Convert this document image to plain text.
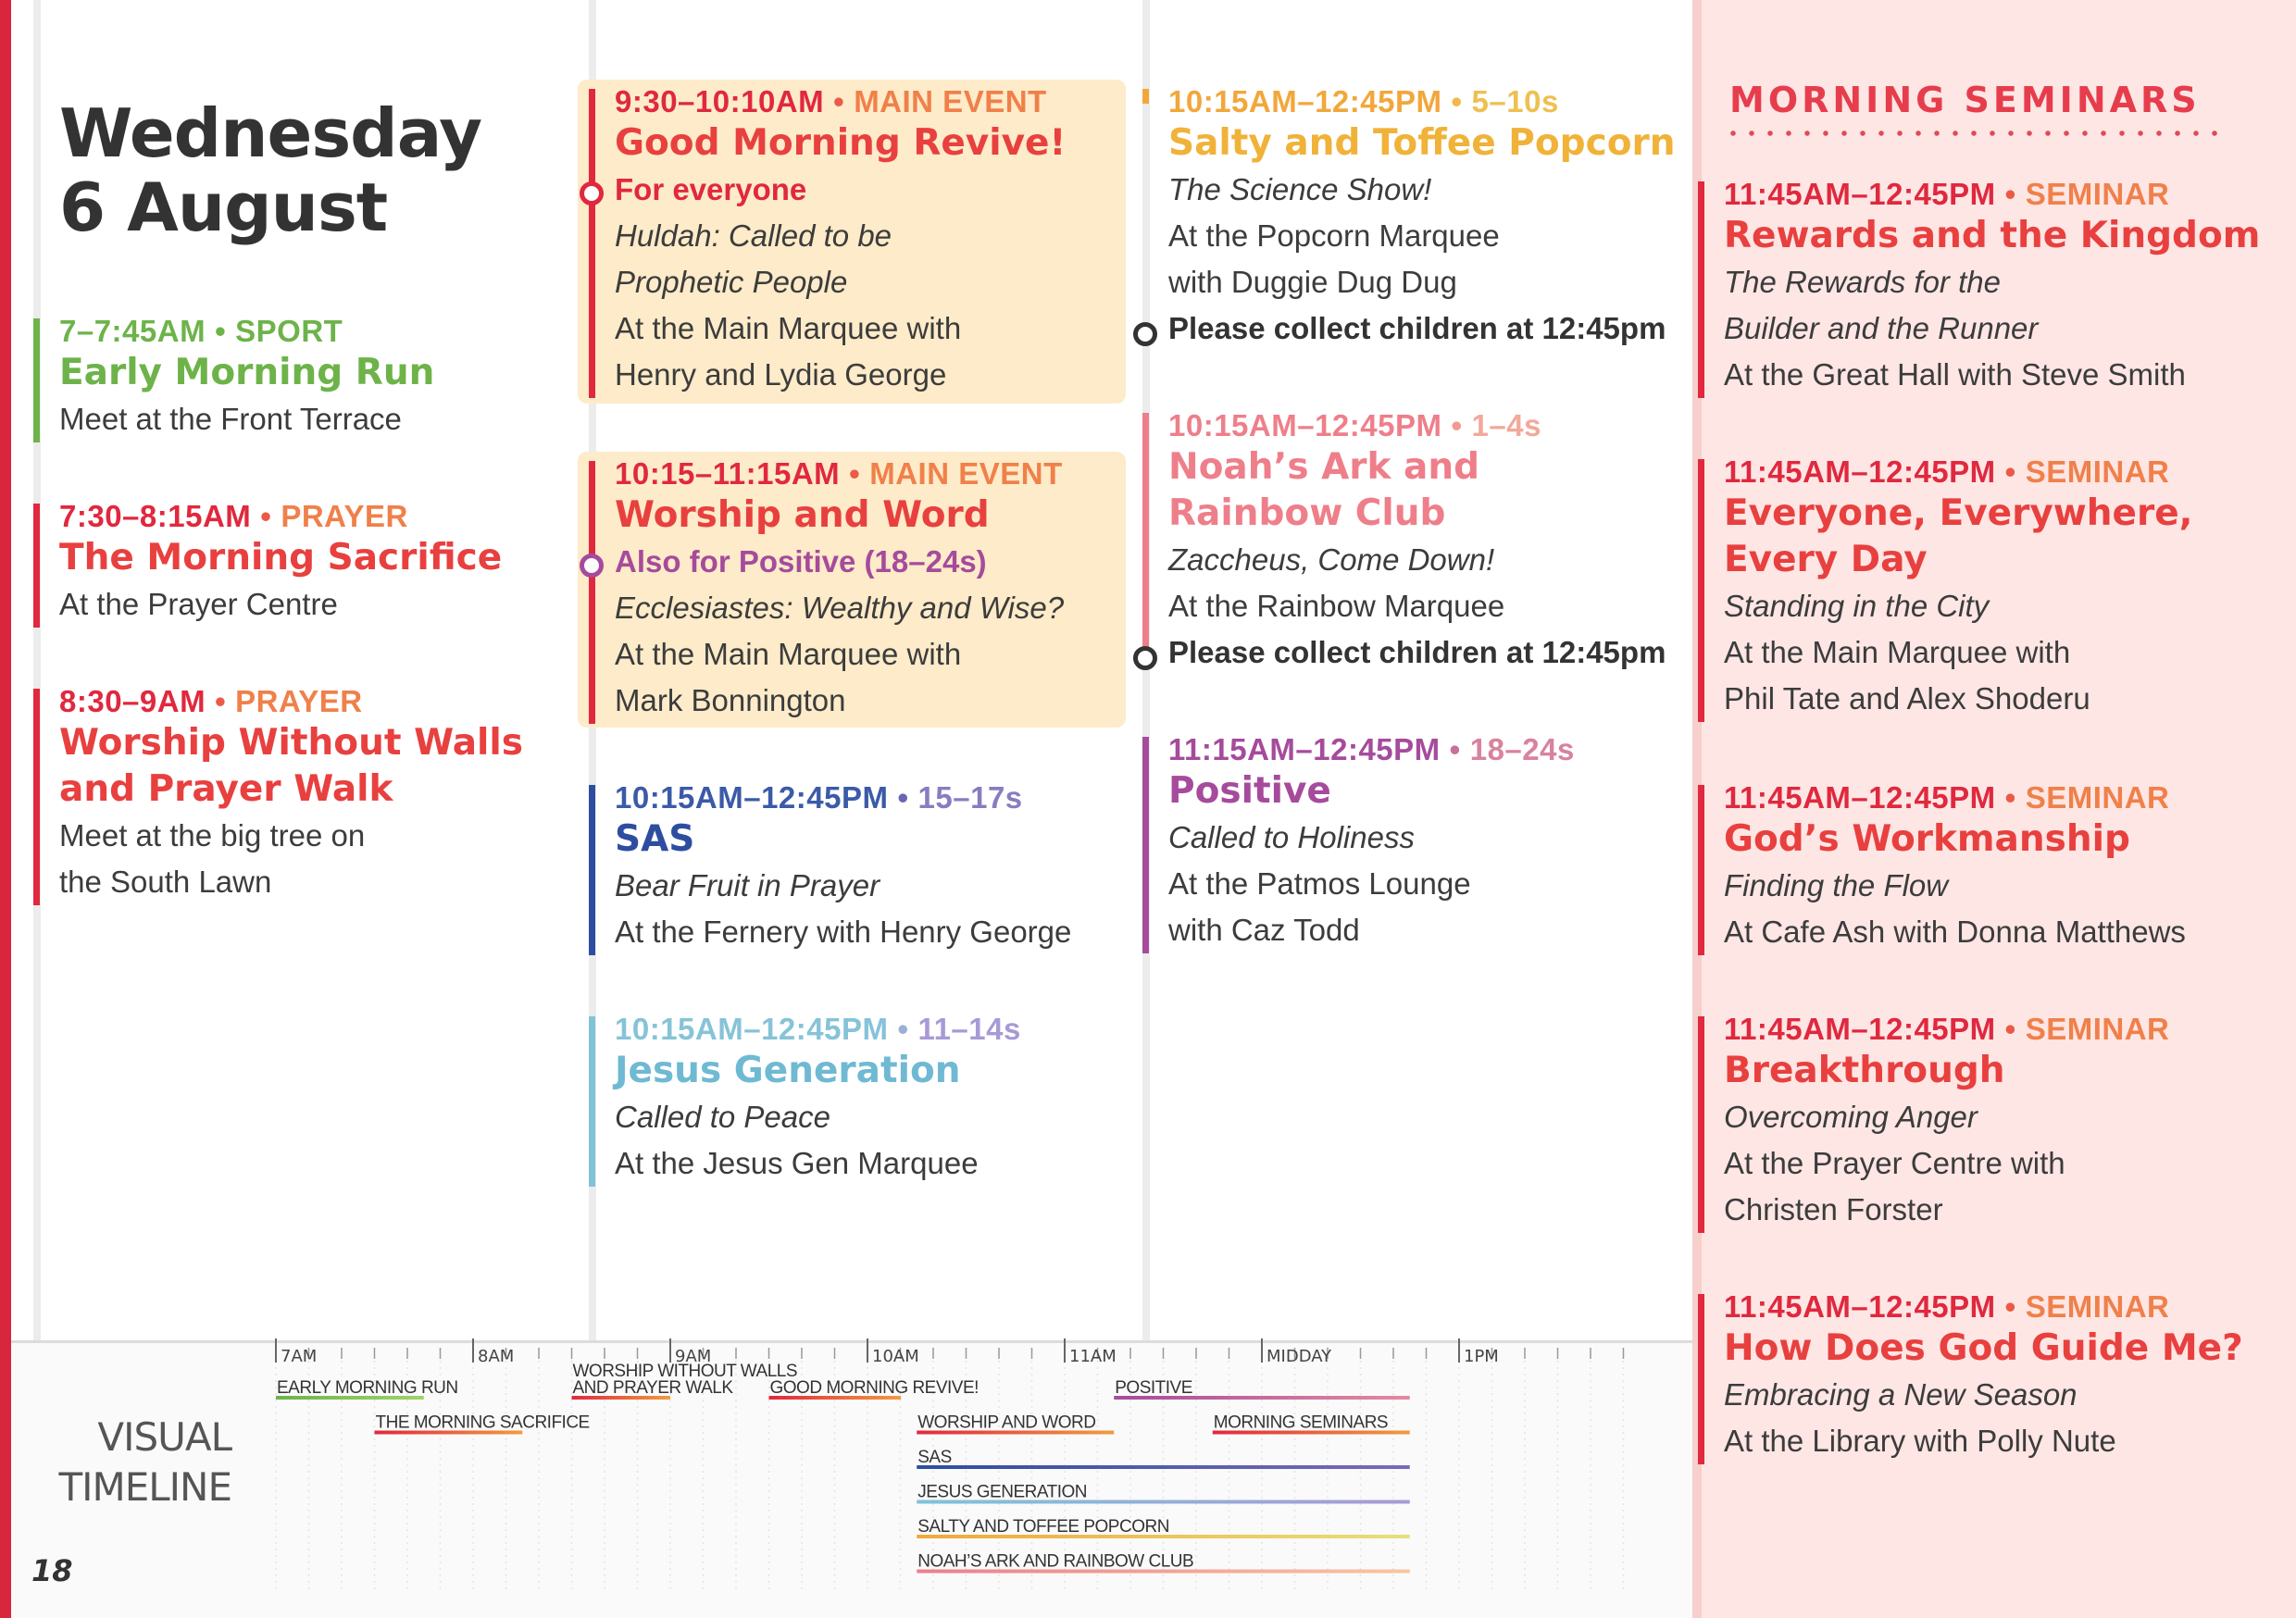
Wednesday
6 August
7–7:45AM • SPORT
Early Morning Run
Meet at the Front Terrace
7:30–8:15AM • PRAYER
The Morning Sacrifice
At the Prayer Centre
8:30–9AM • PRAYER
Worship Without Walls
and Prayer Walk
Meet at the big tree on
the South Lawn
9:30–10:10AM • MAIN EVENT
Good Morning Revive!
For everyone
Huldah: Called to be
Prophetic People
At the Main Marquee with
Henry and Lydia George
10:15–11:15AM • MAIN EVENT
Worship and Word
Also for Positive (18–24s)
Ecclesiastes: Wealthy and Wise?
At the Main Marquee with
Mark Bonnington
10:15AM–12:45PM • 15–17s
SAS
Bear Fruit in Prayer
At the Fernery with Henry George
10:15AM–12:45PM • 11–14s
Jesus Generation
Called to Peace
At the Jesus Gen Marquee
10:15AM–12:45PM • 5–10s
Salty and Toffee Popcorn
The Science Show!
At the Popcorn Marquee
with Duggie Dug Dug
Please collect children at 12:45pm
10:15AM–12:45PM • 1–4s
Noah’s Ark and
Rainbow Club
Zaccheus, Come Down!
At the Rainbow Marquee
Please collect children at 12:45pm
11:15AM–12:45PM • 18–24s
Positive
Called to Holiness
At the Patmos Lounge
with Caz Todd
MORNING SEMINARS
11:45AM–12:45PM • SEMINAR
Rewards and the Kingdom
The Rewards for the
Builder and the Runner
At the Great Hall with Steve Smith
11:45AM–12:45PM • SEMINAR
Everyone, Everywhere,
Every Day
Standing in the City
At the Main Marquee with
Phil Tate and Alex Shoderu
11:45AM–12:45PM • SEMINAR
God’s Workmanship
Finding the Flow
At Cafe Ash with Donna Matthews
11:45AM–12:45PM • SEMINAR
Breakthrough
Overcoming Anger
At the Prayer Centre with
Christen Forster
11:45AM–12:45PM • SEMINAR
How Does God Guide Me?
Embracing a New Season
At the Library with Polly Nute
VISUAL
TIMELINE
18
7AM	8AM	9AM	10AM	11AM	MIDDAY	1PM
EARLY MORNING RUN
THE MORNING SACRIFICE
WORSHIP WITHOUT WALLS
AND PRAYER WALK GOOD MORNING REVIVE!
WORSHIP AND WORD
POSITIVE
MORNING SEMINARS
SAS
JESUS GENERATION
SALTY AND TOFFEE POPCORN
NOAH’S ARK AND RAINBOW CLUB
